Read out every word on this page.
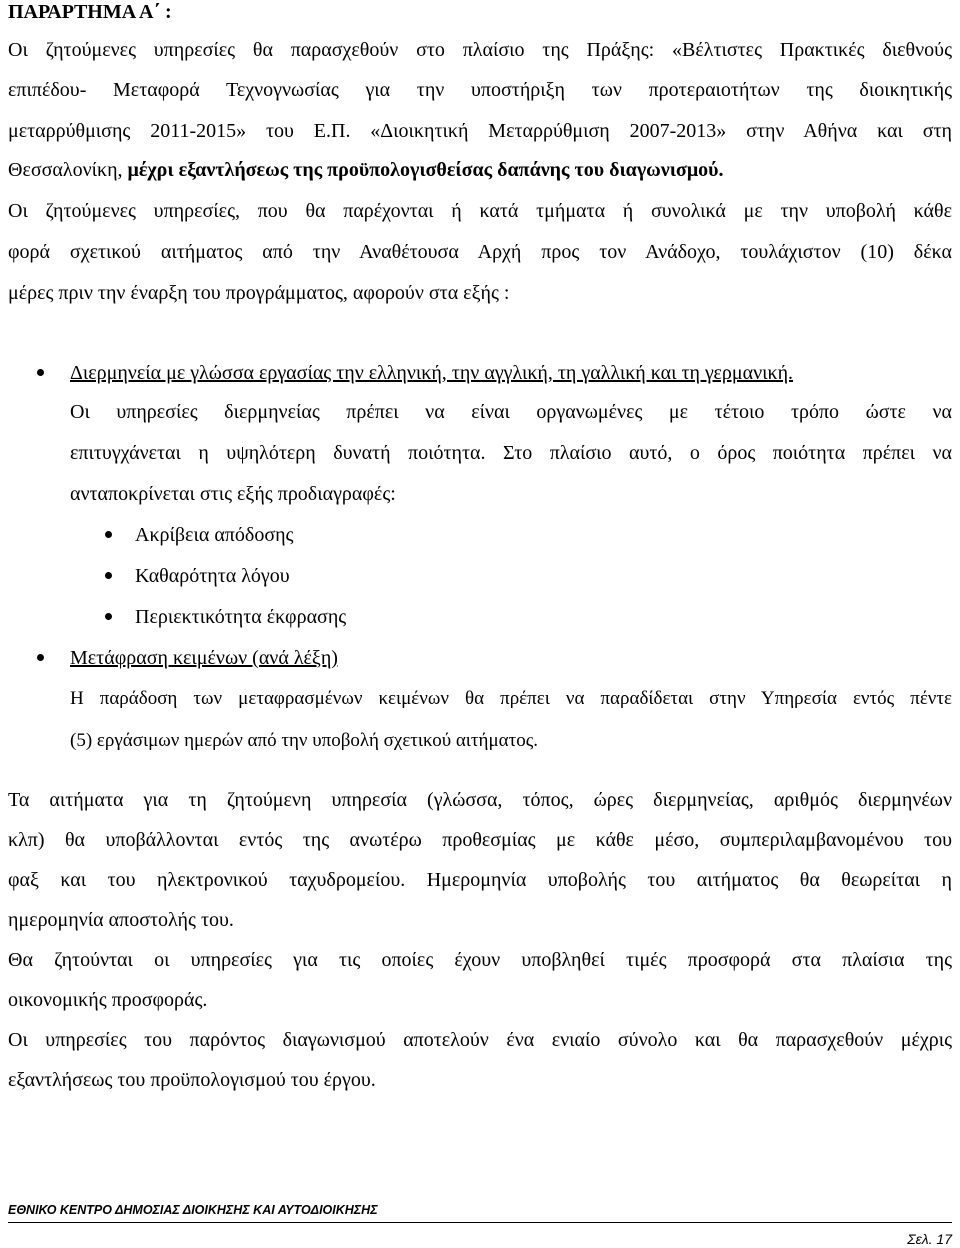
ΠΑΡΑΡΤΗΜΑ Α΄ :
Οι ζητούμενες υπηρεσίες θα παρασχεθούν στο πλαίσιο της Πράξης: «Βέλτιστες Πρακτικές διεθνούς
επιπέδου- Μεταφορά Τεχνογνωσίας για την υποστήριξη των προτεραιοτήτων της διοικητικής
μεταρρύθμισης 2011-2015» του Ε.Π. «Διοικητική Μεταρρύθμιση 2007-2013» στην Αθήνα και στη
Θεσσαλονίκη, μέχρι εξαντλήσεως της προϋπολογισθείσας δαπάνης του διαγωνισμού.
Οι ζητούμενες υπηρεσίες, που θα παρέχονται ή κατά τμήματα ή συνολικά με την υποβολή κάθε
φορά σχετικού αιτήματος από την Αναθέτουσα Αρχή προς τον Ανάδοχο, τουλάχιστον (10) δέκα
μέρες πριν την έναρξη του προγράμματος, αφορούν στα εξής :
Διερμηνεία με γλώσσα εργασίας την ελληνική, την αγγλική, τη γαλλική και τη γερμανική.
Οι υπηρεσίες διερμηνείας πρέπει να είναι οργανωμένες με τέτοιο τρόπο ώστε να
επιτυγχάνεται η υψηλότερη δυνατή ποιότητα. Στο πλαίσιο αυτό, ο όρος ποιότητα πρέπει να
ανταποκρίνεται στις εξής προδιαγραφές:
Ακρίβεια απόδοσης
Καθαρότητα λόγου
Περιεκτικότητα έκφρασης
Μετάφραση κειμένων (ανά λέξη)
Η παράδοση των μεταφρασμένων κειμένων θα πρέπει να παραδίδεται στην Υπηρεσία εντός πέντε
(5) εργάσιμων ημερών από την υποβολή σχετικού αιτήματος.
Τα αιτήματα για τη ζητούμενη υπηρεσία (γλώσσα, τόπος, ώρες διερμηνείας, αριθμός διερμηνέων
κλπ) θα υποβάλλονται εντός της ανωτέρω προθεσμίας με κάθε μέσο, συμπεριλαμβανομένου του
φαξ και του ηλεκτρονικού ταχυδρομείου. Ημερομηνία υποβολής του αιτήματος θα θεωρείται η
ημερομηνία αποστολής του.
Θα ζητούνται οι υπηρεσίες για τις οποίες έχουν υποβληθεί τιμές προσφορά στα πλαίσια της
οικονομικής προσφοράς.
Οι υπηρεσίες του παρόντος διαγωνισμού αποτελούν ένα ενιαίο σύνολο και θα παρασχεθούν μέχρις
εξαντλήσεως του προϋπολογισμού του έργου.
ΕΘΝΙΚΟ ΚΕΝΤΡΟ ΔΗΜΟΣΙΑΣ ΔΙΟΙΚΗΣΗΣ ΚΑΙ ΑΥΤΟΔΙΟΙΚΗΣΗΣ
Σελ. 17
